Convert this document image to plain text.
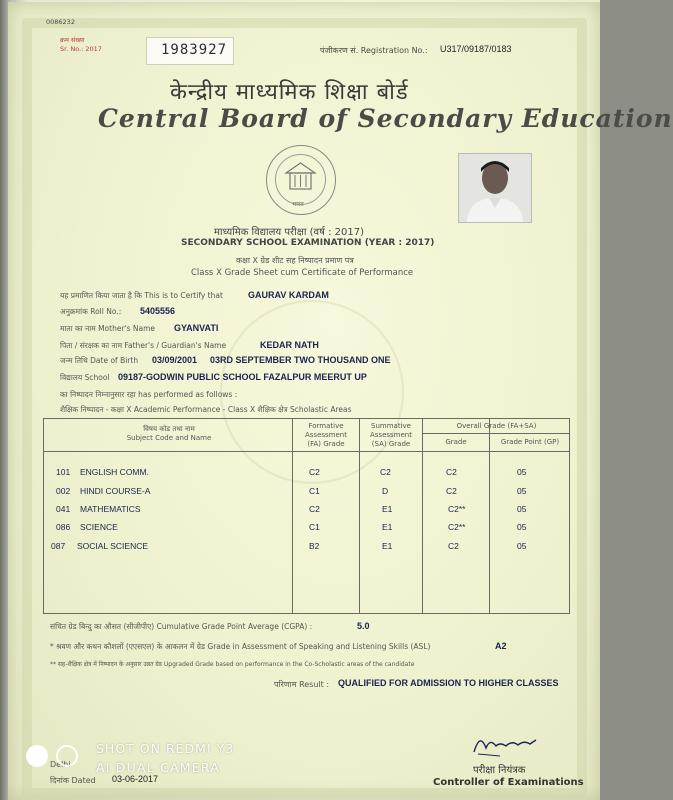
0086232
क्रम संख्या
Sr. No.: 2017	1983927	पंजीकरण सं. Registration No.: U317/09187/0183
केन्द्रीय माध्यमिक शिक्षा बोर्ड
Central Board of Secondary Education
भारत
माध्यमिक विद्यालय परीक्षा (वर्ष : 2017)
SECONDARY SCHOOL EXAMINATION (YEAR : 2017)
कक्षा X ग्रेड शीट सह निष्पादन प्रमाण पत्र
Class X Grade Sheet cum Certificate of Performance
यह प्रमाणित किया जाता है कि This is to Certify that	GAURAV KARDAM
अनुक्रमांक Roll No.: 5405556
माता का नाम Mother's Name GYANVATI
पिता / संरक्षक का नाम Father's / Guardian's Name	KEDAR NATH
जन्म तिथि Date of Birth 03/09/2001 03RD SEPTEMBER TWO THOUSAND ONE
विद्यालय School 09187-GODWIN PUBLIC SCHOOL FAZALPUR MEERUT UP
का निष्पादन निम्नानुसार रहा has performed as follows :
शैक्षिक निष्पादन - कक्षा X Academic Performance - Class X शैक्षिक क्षेत्र Scholastic Areas
विषय कोड तथा नाम
Subject Code and Name
Formative
Assessment
(FA) Grade
Summative
Assessment
(SA) Grade
Overall Grade (FA+SA)
Grade	Grade Point (GP)
101 ENGLISH COMM.	C2	C2	C2	05
002 HINDI COURSE-A	C1	D	C2	05
041 MATHEMATICS	C2	E1	C2**	05
086 SCIENCE	C1	E1	C2**	05
087 SOCIAL SCIENCE	B2	E1	C2	05
संचित ग्रेड बिन्दु का औसत (सीजीपीए) Cumulative Grade Point Average (CGPA) :	5.0
* श्रवण और कथन कौशलों (एएसएल) के आकलन में ग्रेड Grade in Assessment of Speaking and Listening Skills (ASL)	A2
** सह-शैक्षिक क्षेत्र में निष्पादन के अनुसार उन्नत ग्रेड Upgraded Grade based on performance in the Co-Scholastic areas of the candidate
परिणाम Result : QUALIFIED FOR ADMISSION TO HIGHER CLASSES
परीक्षा नियंत्रक
Controller of Examinations
Delhi
दिनांक Dated 03-06-2017
SHOT ON REDMI Y3
AI DUAL CAMERA
